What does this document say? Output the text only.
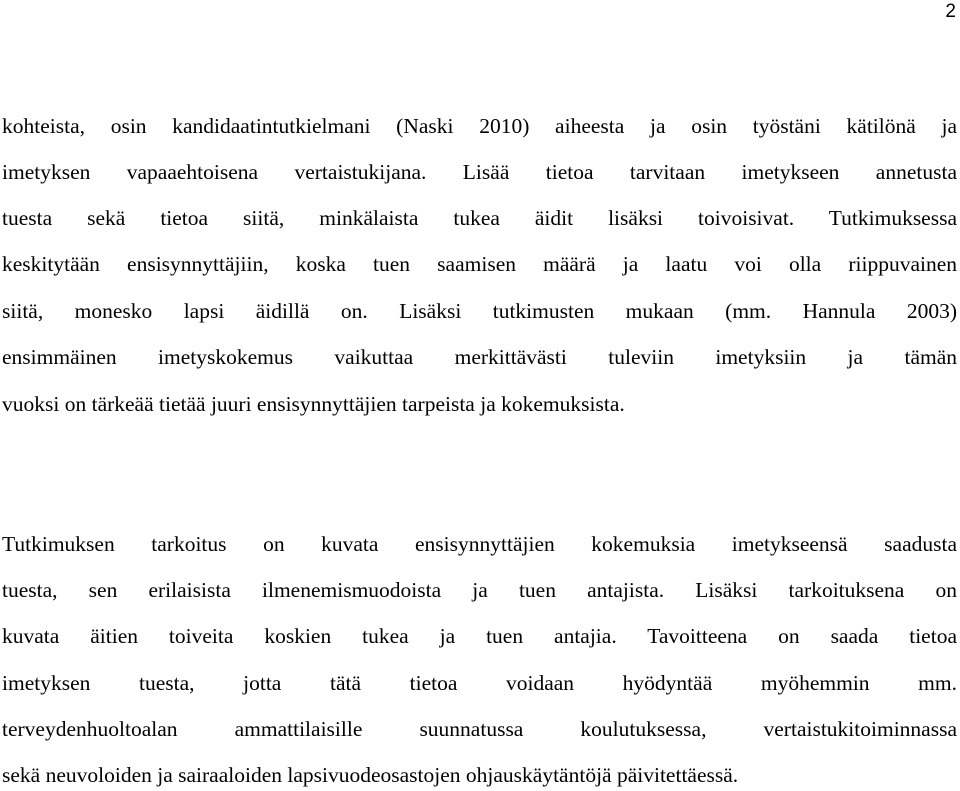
2
kohteista, osin kandidaatintutkielmani (Naski 2010) aiheesta ja osin työstäni kätilönä ja
imetyksen vapaaehtoisena vertaistukijana. Lisää tietoa tarvitaan imetykseen annetusta
tuesta sekä tietoa siitä, minkälaista tukea äidit lisäksi toivoisivat. Tutkimuksessa
keskitytään ensisynnyttäjiin, koska tuen saamisen määrä ja laatu voi olla riippuvainen
siitä, monesko lapsi äidillä on. Lisäksi tutkimusten mukaan (mm. Hannula 2003)
ensimmäinen imetyskokemus vaikuttaa merkittävästi tuleviin imetyksiin ja tämän
vuoksi on tärkeää tietää juuri ensisynnyttäjien tarpeista ja kokemuksista.
Tutkimuksen tarkoitus on kuvata ensisynnyttäjien kokemuksia imetykseensä saadusta
tuesta, sen erilaisista ilmenemismuodoista ja tuen antajista. Lisäksi tarkoituksena on
kuvata äitien toiveita koskien tukea ja tuen antajia. Tavoitteena on saada tietoa
imetyksen tuesta, jotta tätä tietoa voidaan hyödyntää myöhemmin mm.
terveydenhuoltoalan ammattilaisille suunnatussa koulutuksessa, vertaistukitoiminnassa
sekä neuvoloiden ja sairaaloiden lapsivuodeosastojen ohjauskäytäntöjä päivitettäessä.
